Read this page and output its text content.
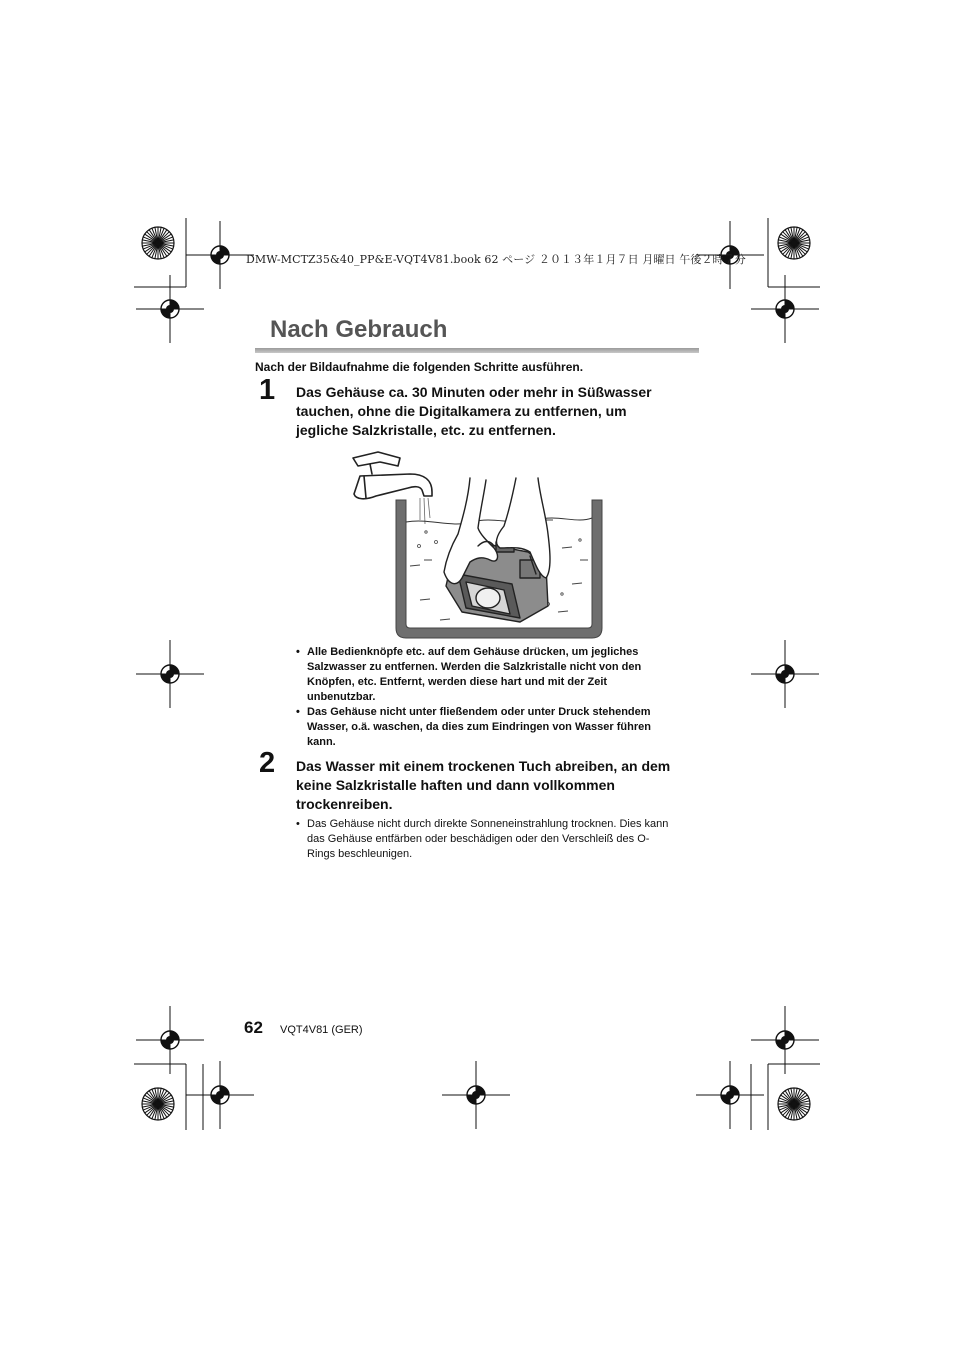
DMW-MCTZ35&40_PP&E-VQT4V81.book 62 ページ ２０１３年１月７日 月曜日 午後２時７分
Nach Gebrauch
Nach der Bildaufnahme die folgenden Schritte ausführen.
1 Das Gehäuse ca. 30 Minuten oder mehr in Süßwasser
tauchen, ohne die Digitalkamera zu entfernen, um
jegliche Salzkristalle, etc. zu entfernen.
• Alle Bedienknöpfe etc. auf dem Gehäuse drücken, um jegliches
Salzwasser zu entfernen. Werden die Salzkristalle nicht von den
Knöpfen, etc. Entfernt, werden diese hart und mit der Zeit
unbenutzbar.
• Das Gehäuse nicht unter fließendem oder unter Druck stehendem
Wasser, o.ä. waschen, da dies zum Eindringen von Wasser führen
kann.
2 Das Wasser mit einem trockenen Tuch abreiben, an dem
keine Salzkristalle haften und dann vollkommen
trockenreiben.
• Das Gehäuse nicht durch direkte Sonneneinstrahlung trocknen. Dies kann
das Gehäuse entfärben oder beschädigen oder den Verschleiß des O-
Rings beschleunigen.
62 VQT4V81 (GER)
